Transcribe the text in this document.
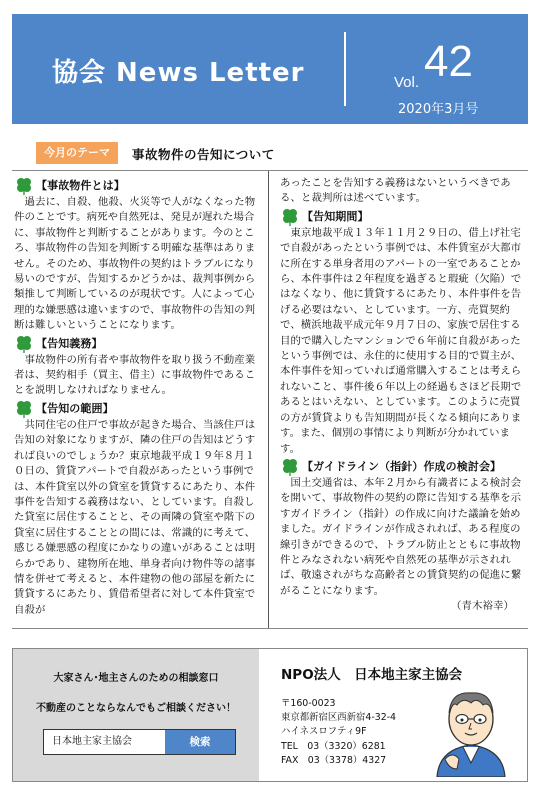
協会 News Letter	Vol. 42
2020年3月号
今月のテーマ	事故物件の告知について
【事故物件とは】

　過去に、自殺、他殺、火災等で人がなくなった物件のことです。病死や自然死は、発見が遅れた場合に、事故物件と判断することがあります。今のところ、事故物件の告知を判断する明確な基準はありません。そのため、事故物件の契約はトラブルになり易いのですが、告知するかどうかは、裁判事例から類推して判断しているのが現状です。人によって心理的な嫌悪感は違いますので、事故物件の告知の判断は難しいということになります。

【告知義務】

　事故物件の所有者や事故物件を取り扱う不動産業者は、契約相手（買主、借主）に事故物件であることを説明しなければなりません。

【告知の範囲】

　共同住宅の住戸で事故が起きた場合、当該住戸は告知の対象になりますが、隣の住戸の告知はどうすれば良いのでしょうか？東京地裁平成１９年８月１０日の、賃貸アパートで自殺があったという事例では、本件貸室以外の貸室を賃貸するにあたり、本件事件を告知する義務はない、としています。自殺した貸室に居住することと、その両隣の貸室や階下の貸室に居住することとの間には、常識的に考えて、感じる嫌悪感の程度にかなりの違いがあることは明らかであり、建物所在地、単身者向け物件等の諸事情を併せて考えると、本件建物の他の部屋を新たに賃貸するにあたり、賃借希望者に対して本件貸室で自殺が

あったことを告知する義務はないというべきである、と裁判所は述べています。

【告知期間】

　東京地裁平成１３年１１月２９日の、借上げ社宅で自殺があったという事例では、本件賃室が大都市に所在する単身者用のアパートの一室であることから、本件事件は２年程度を過ぎると瑕疵（欠陥）ではなくなり、他に賃貸するにあたり、本件事件を告げる必要はない、としています。一方、売買契約で、横浜地裁平成元年９月７日の、家族で居住する目的で購入したマンションで６年前に自殺があったという事例では、永住的に使用する目的で買主が、本件事件を知っていれば通常購入することは考えられないこと、事件後６年以上の経過もさほど長期であるとはいえない、としています。このように売買の方が賃貸よりも告知期間が長くなる傾向にあります。また、個別の事情により判断が分かれています。

【ガイドライン（指針）作成の検討会】

　国土交通省は、本年２月から有識者による検討会を開いて、事故物件の契約の際に告知する基準を示すガイドライン（指針）の作成に向けた議論を始めました。ガイドラインが作成されれば、ある程度の線引きができるので、トラブル防止とともに事故物件とみなされない病死や自然死の基準が示されれば、敬遠されがちな高齢者との賃貸契約の促進に繋がることになります。

（青木裕幸）

大家さん･地主さんのための相談窓口
不動産のことならなんでもご相談ください！
日本地主家主協会	検索
NPO法人　日本地主家主協会
〒160-0023
東京都新宿区西新宿4-32-4
ハイネスロフティ9F
TEL　03（3320）6281
FAX　03（3378）4327
